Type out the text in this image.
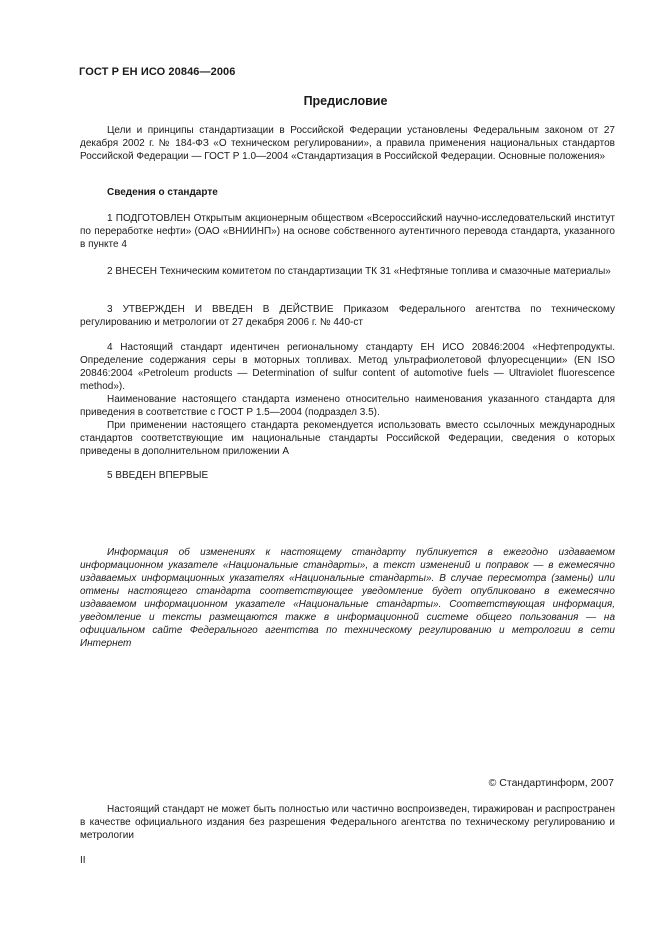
ГОСТ Р ЕН ИСО 20846—2006
Предисловие

Цели и принципы стандартизации в Российской Федерации установлены Федеральным законом от 27 декабря 2002 г. № 184-ФЗ «О техническом регулировании», а правила применения национальных стандартов Российской Федерации — ГОСТ Р 1.0—2004 «Стандартизация в Российской Федерации. Основные положения»

Сведения о стандарте

1 ПОДГОТОВЛЕН Открытым акционерным обществом «Всероссийский научно-исследовательский институт по переработке нефти» (ОАО «ВНИИНП») на основе собственного аутентичного перевода стандарта, указанного в пункте 4

2 ВНЕСЕН Техническим комитетом по стандартизации ТК 31 «Нефтяные топлива и смазочные материалы»

3 УТВЕРЖДЕН И ВВЕДЕН В ДЕЙСТВИЕ Приказом Федерального агентства по техническому регулированию и метрологии от 27 декабря 2006 г. № 440-ст

4 Настоящий стандарт идентичен региональному стандарту ЕН ИСО 20846:2004 «Нефтепродукты. Определение содержания серы в моторных топливах. Метод ультрафиолетовой флуоресценции» (EN ISO 20846:2004 «Petroleum products — Determination of sulfur content of automotive fuels — Ultraviolet fluorescence method»).

Наименование настоящего стандарта изменено относительно наименования указанного стандарта для приведения в соответствие с ГОСТ Р 1.5—2004 (подраздел 3.5).

При применении настоящего стандарта рекомендуется использовать вместо ссылочных международных стандартов соответствующие им национальные стандарты Российской Федерации, сведения о которых приведены в дополнительном приложении А

5 ВВЕДЕН ВПЕРВЫЕ

Информация об изменениях к настоящему стандарту публикуется в ежегодно издаваемом информационном указателе «Национальные стандарты», а текст изменений и поправок — в ежемесячно издаваемых информационных указателях «Национальные стандарты». В случае пересмотра (замены) или отмены настоящего стандарта соответствующее уведомление будет опубликовано в ежемесячно издаваемом информационном указателе «Национальные стандарты». Соответствующая информация, уведомление и тексты размещаются также в информационной системе общего пользования — на официальном сайте Федерального агентства по техническому регулированию и метрологии в сети Интернет

© Стандартинформ, 2007

Настоящий стандарт не может быть полностью или частично воспроизведен, тиражирован и распространен в качестве официального издания без разрешения Федерального агентства по техническому регулированию и метрологии

II
